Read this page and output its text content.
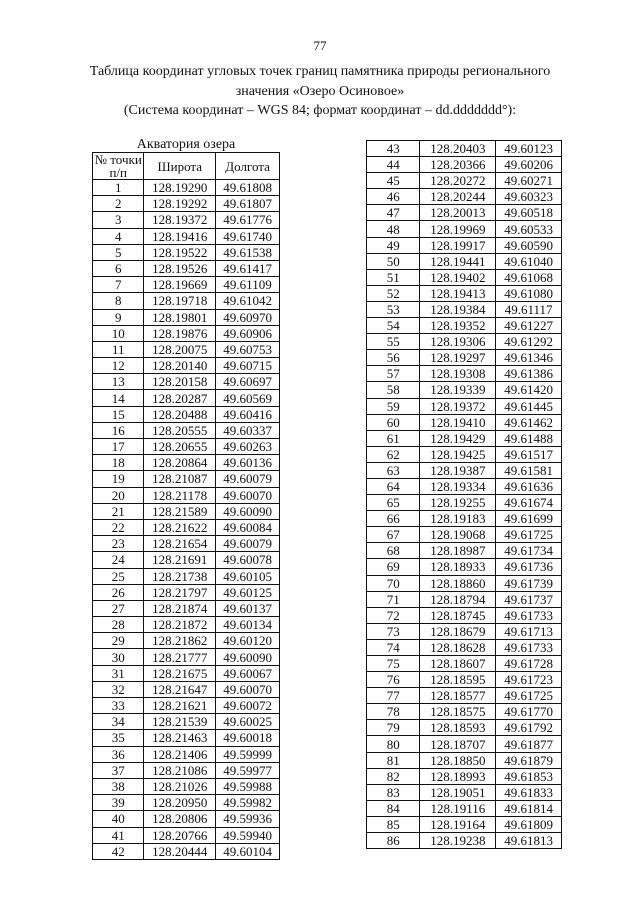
77
Таблица координат угловых точек границ памятника природы регионального
значения «Озеро Осиновое»
(Система координат – WGS 84; формат координат – dd.ddddddd°):
Акватория озера
№ точки п/п	Широта	Долгота
1	128.19290	49.61808
2	128.19292	49.61807
3	128.19372	49.61776
4	128.19416	49.61740
5	128.19522	49.61538
6	128.19526	49.61417
7	128.19669	49.61109
8	128.19718	49.61042
9	128.19801	49.60970
10	128.19876	49.60906
11	128.20075	49.60753
12	128.20140	49.60715
13	128.20158	49.60697
14	128.20287	49.60569
15	128.20488	49.60416
16	128.20555	49.60337
17	128.20655	49.60263
18	128.20864	49.60136
19	128.21087	49.60079
20	128.21178	49.60070
21	128.21589	49.60090
22	128.21622	49.60084
23	128.21654	49.60079
24	128.21691	49.60078
25	128.21738	49.60105
26	128.21797	49.60125
27	128.21874	49.60137
28	128.21872	49.60134
29	128.21862	49.60120
30	128.21777	49.60090
31	128.21675	49.60067
32	128.21647	49.60070
33	128.21621	49.60072
34	128.21539	49.60025
35	128.21463	49.60018
36	128.21406	49.59999
37	128.21086	49.59977
38	128.21026	49.59988
39	128.20950	49.59982
40	128.20806	49.59936
41	128.20766	49.59940
42	128.20444	49.60104
43	128.20403	49.60123
44	128.20366	49.60206
45	128.20272	49.60271
46	128.20244	49.60323
47	128.20013	49.60518
48	128.19969	49.60533
49	128.19917	49.60590
50	128.19441	49.61040
51	128.19402	49.61068
52	128.19413	49.61080
53	128.19384	49.61117
54	128.19352	49.61227
55	128.19306	49.61292
56	128.19297	49.61346
57	128.19308	49.61386
58	128.19339	49.61420
59	128.19372	49.61445
60	128.19410	49.61462
61	128.19429	49.61488
62	128.19425	49.61517
63	128.19387	49.61581
64	128.19334	49.61636
65	128.19255	49.61674
66	128.19183	49.61699
67	128.19068	49.61725
68	128.18987	49.61734
69	128.18933	49.61736
70	128.18860	49.61739
71	128.18794	49.61737
72	128.18745	49.61733
73	128.18679	49.61713
74	128.18628	49.61733
75	128.18607	49.61728
76	128.18595	49.61723
77	128.18577	49.61725
78	128.18575	49.61770
79	128.18593	49.61792
80	128.18707	49.61877
81	128.18850	49.61879
82	128.18993	49.61853
83	128.19051	49.61833
84	128.19116	49.61814
85	128.19164	49.61809
86	128.19238	49.61813
